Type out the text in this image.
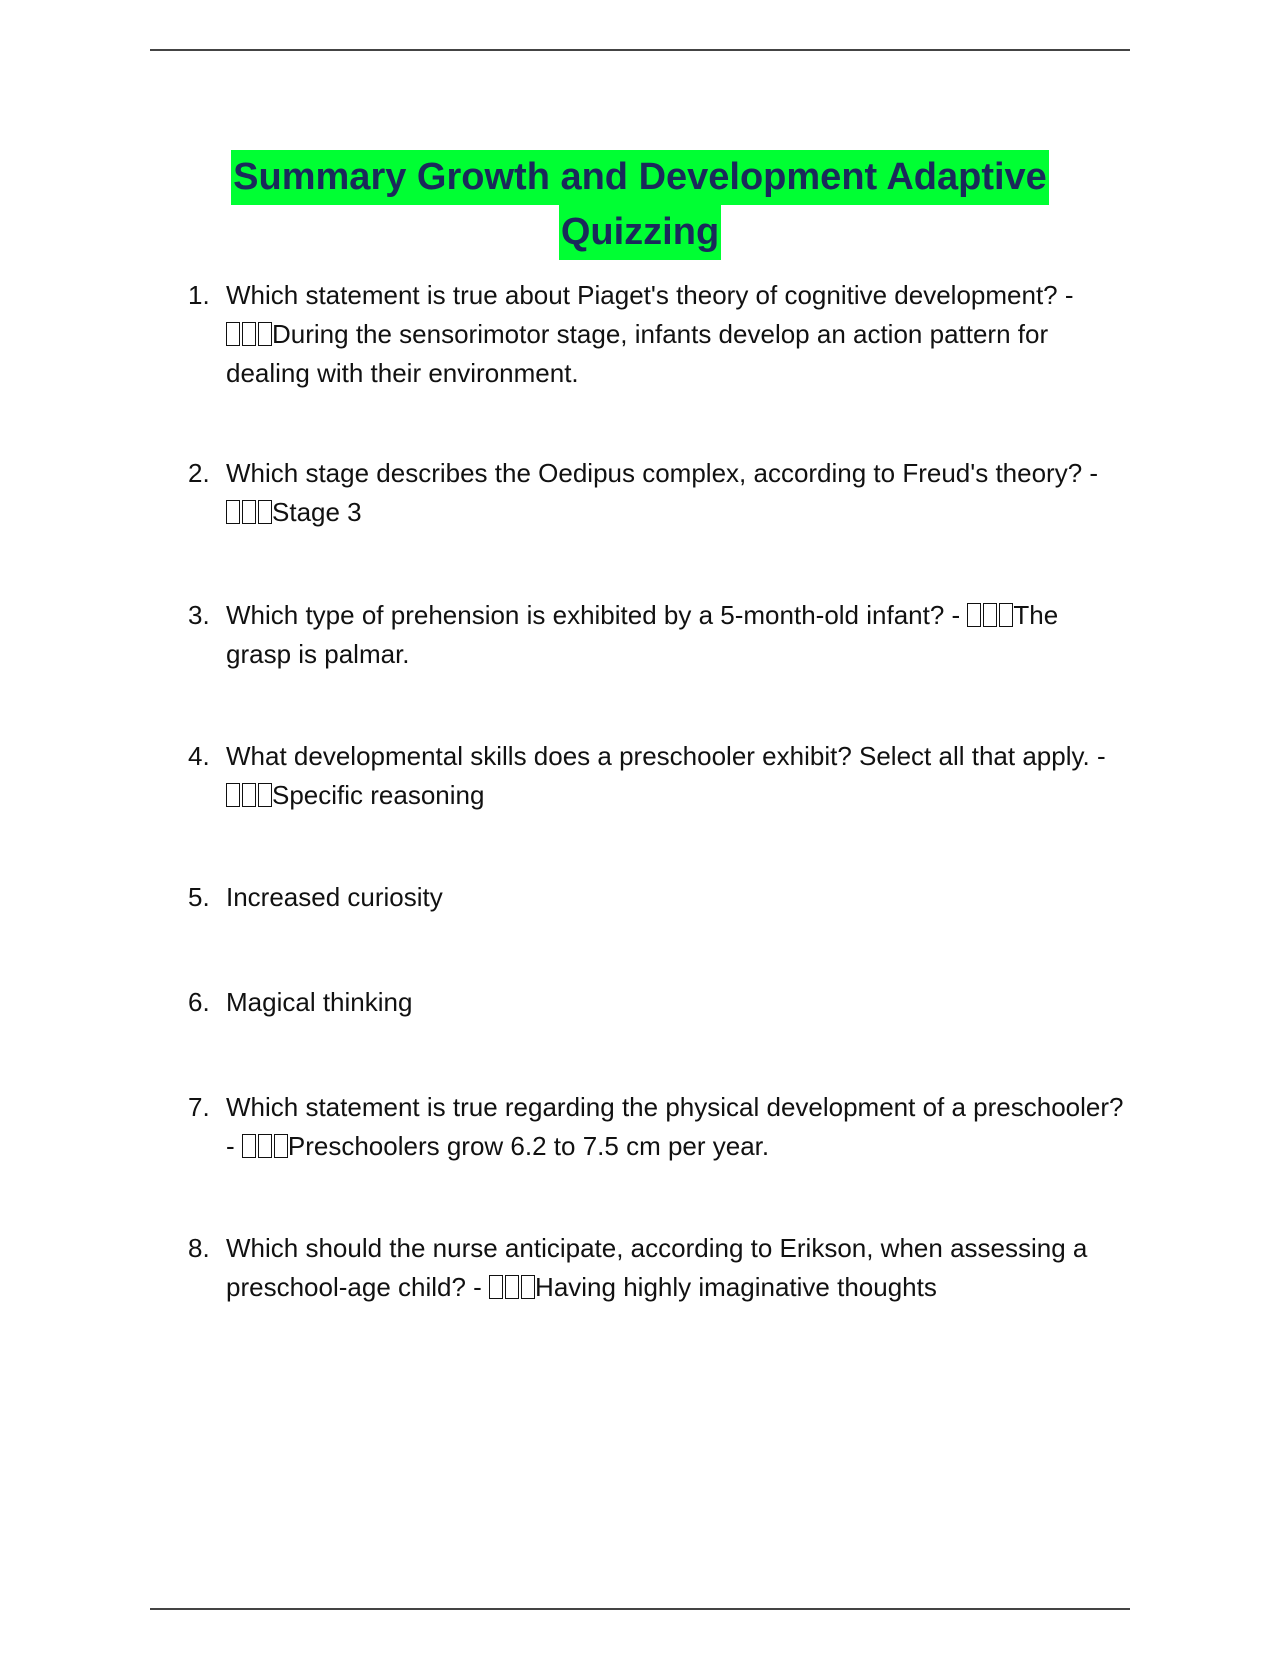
Summary Growth and Development Adaptive
Quizzing
1. Which statement is true about Piaget's theory of cognitive development? - During the sensorimotor stage, infants develop an action pattern for dealing with their environment.
2. Which stage describes the Oedipus complex, according to Freud's theory? - Stage 3
3. Which type of prehension is exhibited by a 5-month-old infant? - The grasp is palmar.
4. What developmental skills does a preschooler exhibit? Select all that apply. - Specific reasoning
5. Increased curiosity
6. Magical thinking
7. Which statement is true regarding the physical development of a preschooler? - Preschoolers grow 6.2 to 7.5 cm per year.
8. Which should the nurse anticipate, according to Erikson, when assessing a preschool-age child? - Having highly imaginative thoughts
